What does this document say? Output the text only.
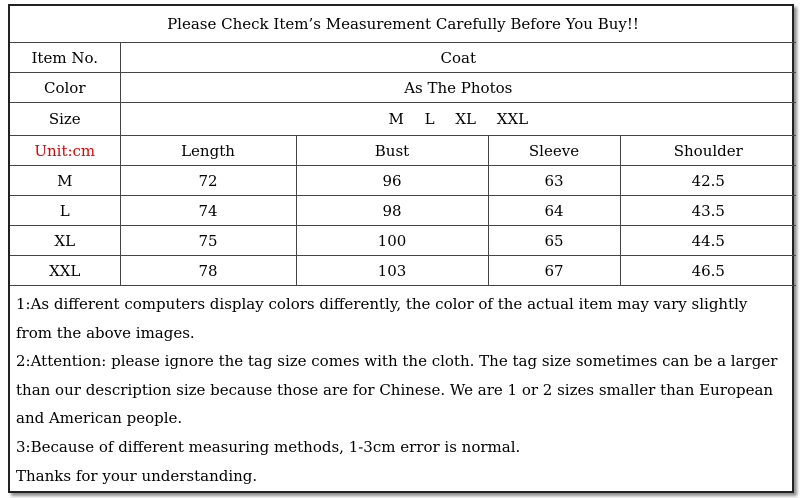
Please Check Item’s Measurement Carefully Before You Buy!!				
Item No.	Coat			
Color	As The Photos			
Size	M L XL XXL			
Unit:cm	Length	Bust	Sleeve	Shoulder
M	72	96	63	42.5
L	74	98	64	43.5
XL	75	100	65	44.5
XXL	78	103	67	46.5

1:As different computers display colors differently, the color of the actual item may vary slightly from the above images.

2:Attention: please ignore the tag size comes with the cloth. The tag size sometimes can be a larger than our description size because those are for Chinese. We are 1 or 2 sizes smaller than European and American people.

3:Because of different measuring methods, 1-3cm error is normal.

Thanks for your understanding.
